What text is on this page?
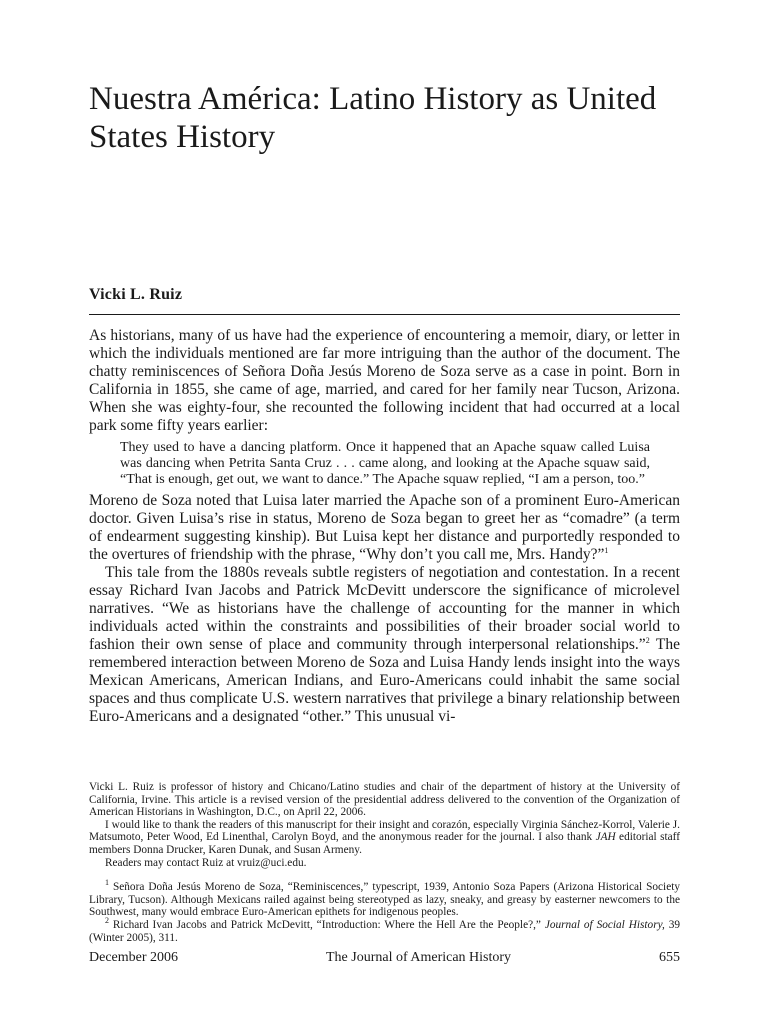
Nuestra América: Latino History as United States History
Vicki L. Ruiz

As historians, many of us have had the experience of encountering a memoir, diary, or letter in which the individuals mentioned are far more intriguing than the author of the document. The chatty reminiscences of Señora Doña Jesús Moreno de Soza serve as a case in point. Born in California in 1855, she came of age, married, and cared for her family near Tucson, Arizona. When she was eighty-four, she recounted the following incident that had occurred at a local park some fifty years earlier:

They used to have a dancing platform. Once it happened that an Apache squaw called Luisa was dancing when Petrita Santa Cruz . . . came along, and looking at the Apache squaw said, “That is enough, get out, we want to dance.” The Apache squaw replied, “I am a person, too.”

Moreno de Soza noted that Luisa later married the Apache son of a prominent Euro-American doctor. Given Luisa’s rise in status, Moreno de Soza began to greet her as “comadre” (a term of endearment suggesting kinship). But Luisa kept her distance and purportedly responded to the overtures of friendship with the phrase, “Why don’t you call me, Mrs. Handy?”$^1$

This tale from the 1880s reveals subtle registers of negotiation and contestation. In a recent essay Richard Ivan Jacobs and Patrick McDevitt underscore the significance of microlevel narratives. “We as historians have the challenge of accounting for the manner in which individuals acted within the constraints and possibilities of their broader social world to fashion their own sense of place and community through interpersonal relationships.”$^2$ The remembered interaction between Moreno de Soza and Luisa Handy lends insight into the ways Mexican Americans, American Indians, and Euro-Americans could inhabit the same social spaces and thus complicate U.S. western narratives that privilege a binary relationship between Euro-Americans and a designated “other.” This unusual vi-

Vicki L. Ruiz is professor of history and Chicano/Latino studies and chair of the department of history at the University of California, Irvine. This article is a revised version of the presidential address delivered to the convention of the Organization of American Historians in Washington, D.C., on April 22, 2006.

I would like to thank the readers of this manuscript for their insight and corazón, especially Virginia Sánchez-Korrol, Valerie J. Matsumoto, Peter Wood, Ed Linenthal, Carolyn Boyd, and the anonymous reader for the journal. I also thank JAH editorial staff members Donna Drucker, Karen Dunak, and Susan Armeny.

Readers may contact Ruiz at vruiz@uci.edu.

$^1$ Señora Doña Jesús Moreno de Soza, “Reminiscences,” typescript, 1939, Antonio Soza Papers (Arizona Historical Society Library, Tucson). Although Mexicans railed against being stereotyped as lazy, sneaky, and greasy by easterner newcomers to the Southwest, many would embrace Euro-American epithets for indigenous peoples.

$^2$ Richard Ivan Jacobs and Patrick McDevitt, “Introduction: Where the Hell Are the People?,” Journal of Social History, 39 (Winter 2005), 311.

December 2006	The Journal of American History	655
